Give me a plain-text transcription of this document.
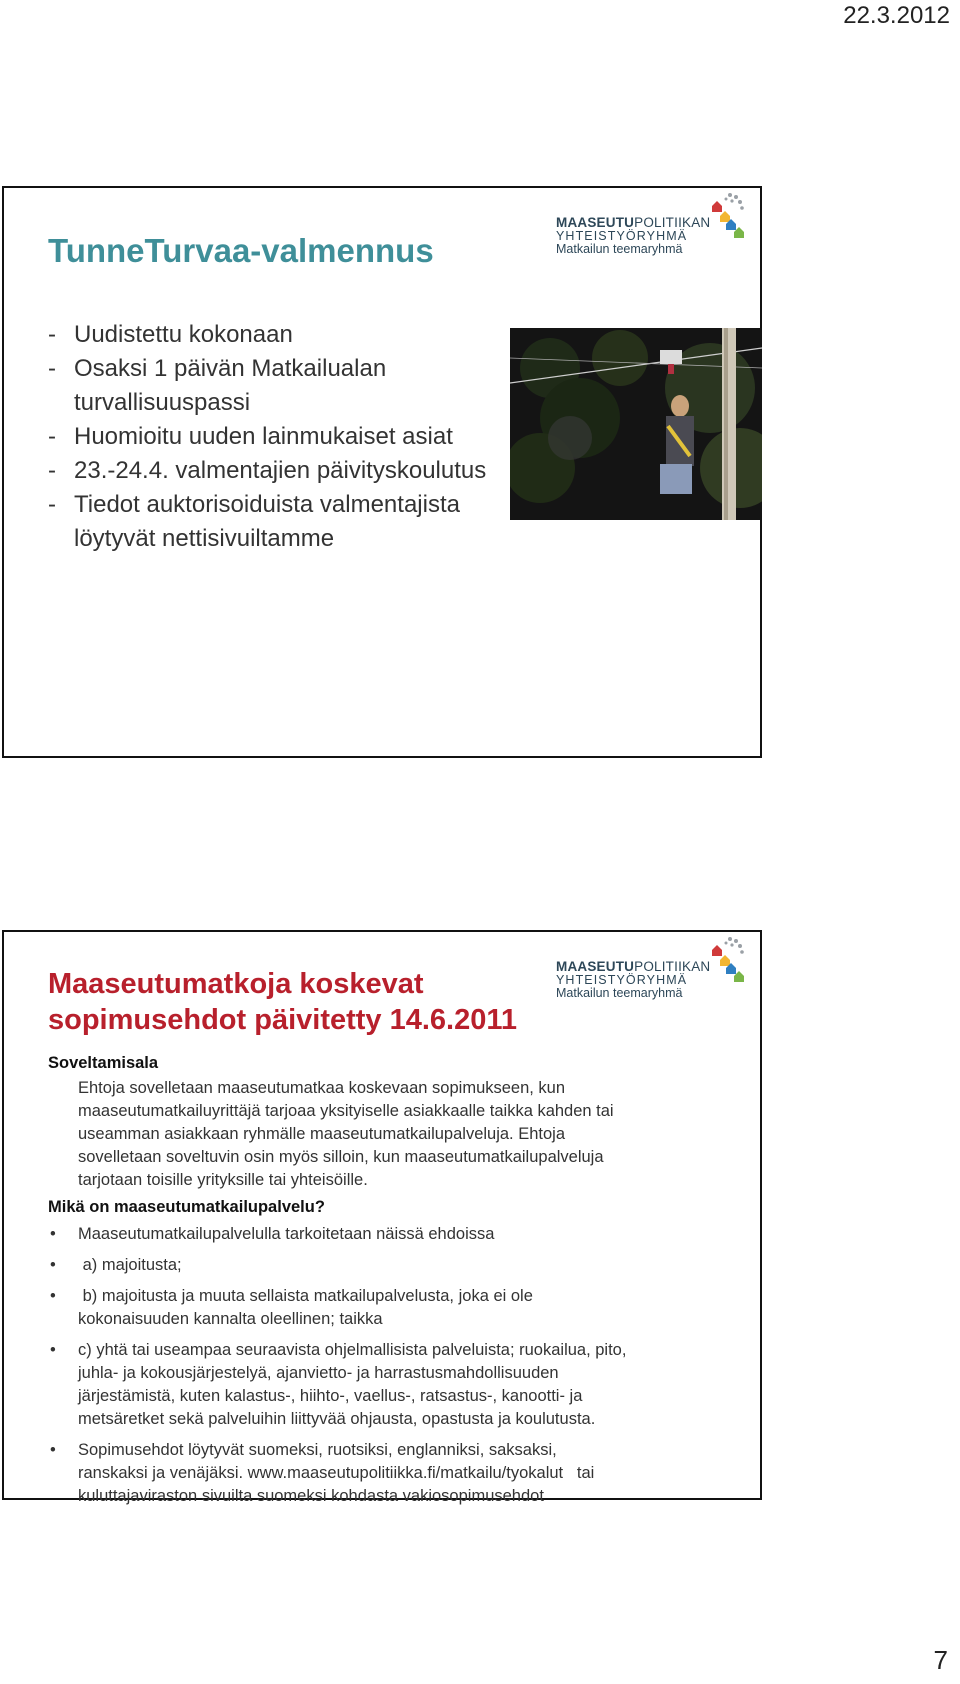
22.3.2012
MAASEUTUPOLITIIKAN
YHTEISTYÖRYHMÄ
Matkailun teemaryhmä
TunneTurvaa-valmennus
- Uudistettu kokonaan
- Osaksi 1 päivän Matkailualan
turvallisuuspassi
- Huomioitu uuden lainmukaiset asiat
- 23.-24.4. valmentajien päivityskoulutus
- Tiedot auktorisoiduista valmentajista
löytyvät nettisivuiltamme
MAASEUTUPOLITIIKAN
YHTEISTYÖRYHMÄ
Matkailun teemaryhmä
Maaseutumatkoja koskevat
sopimusehdot päivitetty 14.6.2011
Soveltamisala
Ehtoja sovelletaan maaseutumatkaa koskevaan sopimukseen, kun
maaseutumatkailuyrittäjä tarjoaa yksityiselle asiakkaalle taikka kahden tai
useamman asiakkaan ryhmälle maaseutumatkailupalveluja. Ehtoja
sovelletaan soveltuvin osin myös silloin, kun maaseutumatkailupalveluja
tarjotaan toisille yrityksille tai yhteisöille.
Mikä on maaseutumatkailupalvelu?
• Maaseutumatkailupalvelulla tarkoitetaan näissä ehdoissa
• a) majoitusta;
• b) majoitusta ja muuta sellaista matkailupalvelusta, joka ei ole
kokonaisuuden kannalta oleellinen; taikka
• c) yhtä tai useampaa seuraavista ohjelmallisista palveluista; ruokailua, pito,
juhla- ja kokousjärjestelyä, ajanvietto- ja harrastusmahdollisuuden
järjestämistä, kuten kalastus-, hiihto-, vaellus-, ratsastus-, kanootti- ja
metsäretket sekä palveluihin liittyvää ohjausta, opastusta ja koulutusta.
• Sopimusehdot löytyvät suomeksi, ruotsiksi, englanniksi, saksaksi,
ranskaksi ja venäjäksi. www.maaseutupolitiikka.fi/matkailu/tyokalut   tai
kuluttajaviraston sivuilta suomeksi kohdasta vakiosopimusehdot
7
